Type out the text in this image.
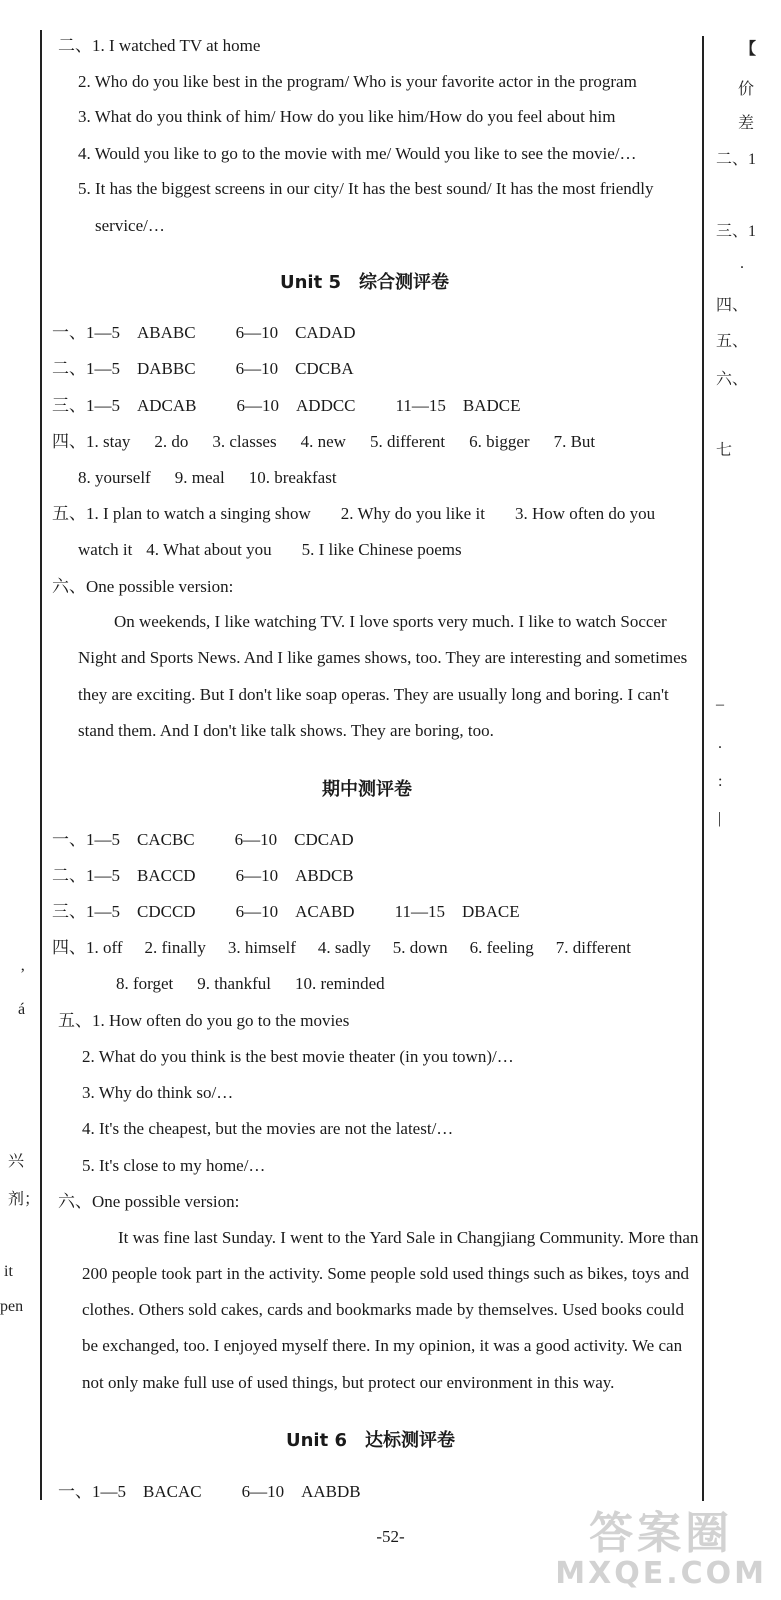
【
价
差
二、1
三、1
.
四、
五、
六、
七
–
.
:
|
’
á
兴
剂；
it
pen
二、1. I watched TV at home
2. Who do you like best in the program/ Who is your favorite actor in the program
3. What do you think of him/ How do you like him/How do you feel about him
4. Would you like to go to the movie with me/ Would you like to see the movie/…
5. It has the biggest screens in our city/ It has the best sound/ It has the most friendly
service/…
Unit 5　综合测评卷
一、1—5　ABABC 6—10　CADAD
二、1—5　DABBC 6—10　CDCBA
三、1—5　ADCAB 6—10　ADDCC 11—15　BADCE
四、1. stay 2. do 3. classes 4. new 5. different 6. bigger 7. But
8. yourself 9. meal 10. breakfast
五、1. I plan to watch a singing show 2. Why do you like it 3. How often do you
watch it 4. What about you 5. I like Chinese poems
六、One possible version:
On weekends, I like watching TV. I love sports very much. I like to watch Soccer
Night and Sports News. And I like games shows, too. They are interesting and sometimes
they are exciting. But I don't like soap operas. They are usually long and boring. I can't
stand them. And I don't like talk shows. They are boring, too.
期中测评卷
一、1—5　CACBC 6—10　CDCAD
二、1—5　BACCD 6—10　ABDCB
三、1—5　CDCCD 6—10　ACABD 11—15　DBACE
四、1. off 2. finally 3. himself 4. sadly 5. down 6. feeling 7. different
8. forget 9. thankful 10. reminded
五、1. How often do you go to the movies
2. What do you think is the best movie theater (in you town)/…
3. Why do think so/…
4. It's the cheapest, but the movies are not the latest/…
5. It's close to my home/…
六、One possible version:
It was fine last Sunday. I went to the Yard Sale in Changjiang Community. More than
200 people took part in the activity. Some people sold used things such as bikes, toys and
clothes. Others sold cakes, cards and bookmarks made by themselves. Used books could
be exchanged, too. I enjoyed myself there. In my opinion, it was a good activity. We can
not only make full use of used things, but protect our environment in this way.
Unit 6　达标测评卷
一、1—5　BACAC 6—10　AABDB
-52-	答案圈
MXQE.COM
